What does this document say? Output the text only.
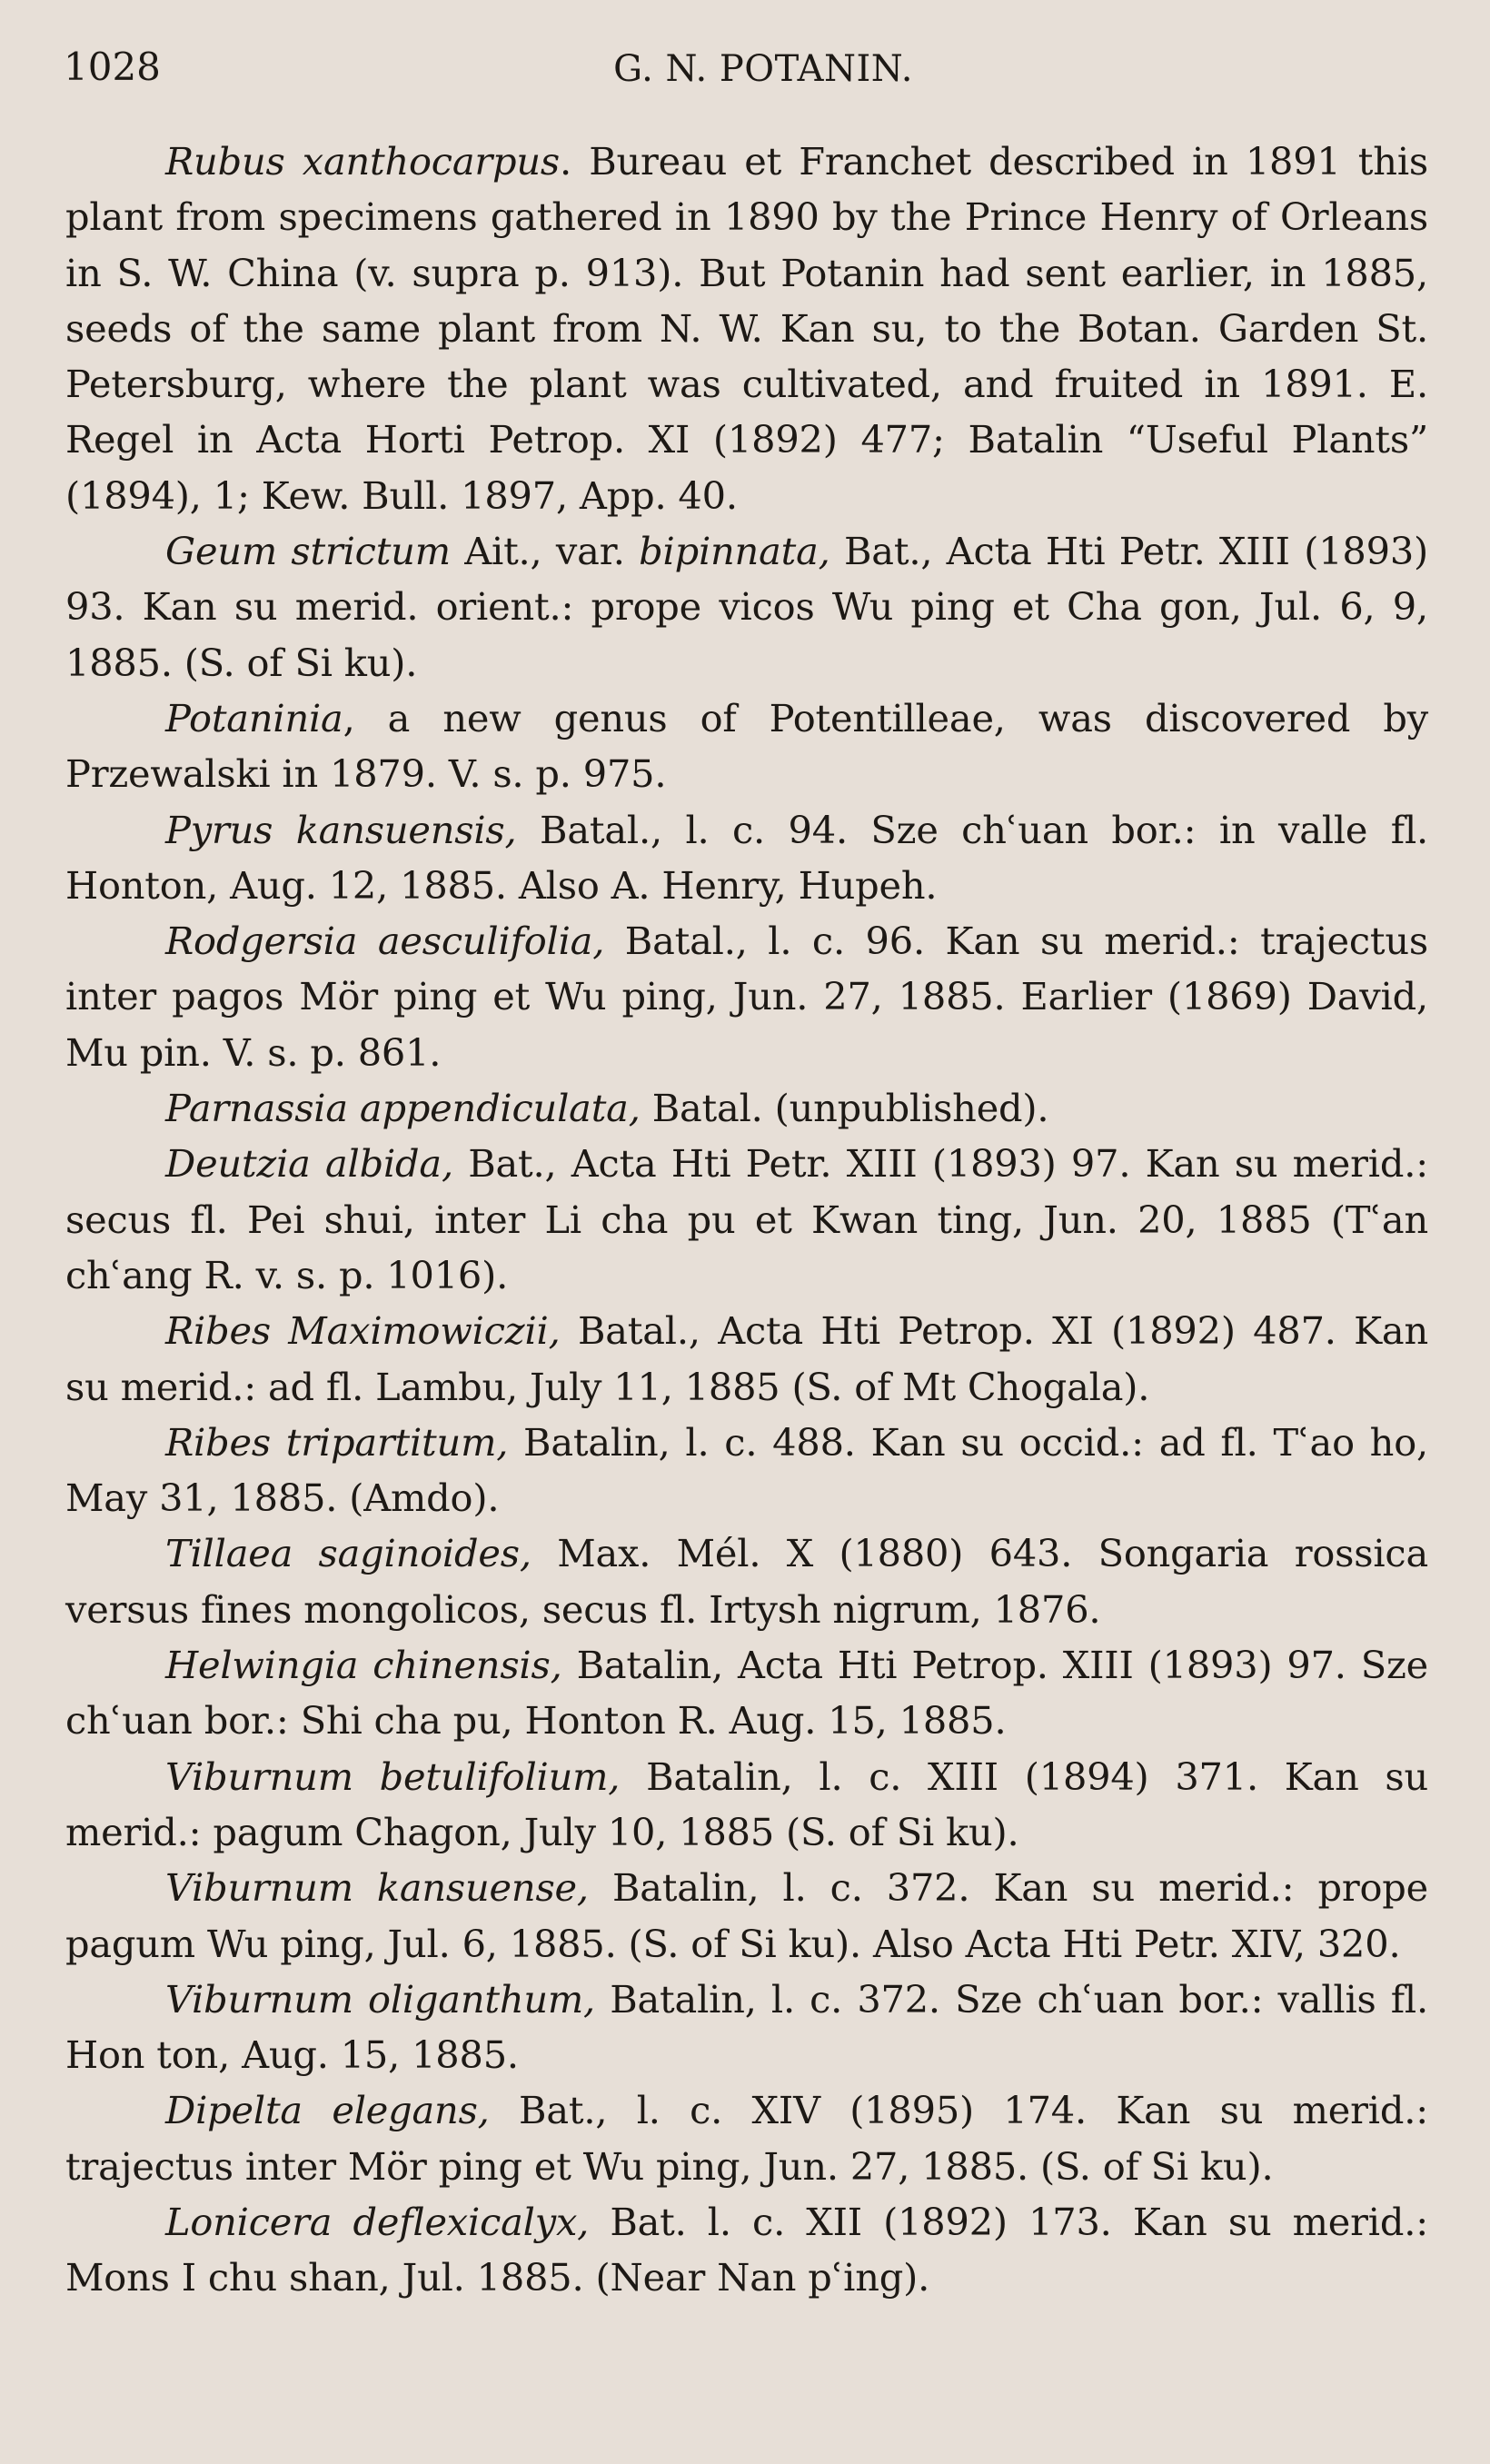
1028	G. N. POTANIN.

Rubus xanthocarpus. Bureau et Franchet described in 1891 this plant from specimens gathered in 1890 by the Prince Henry of Orleans in S. W. China (v. supra p. 913). But Potanin had sent earlier, in 1885, seeds of the same plant from N. W. Kan su, to the Botan. Garden St. Petersburg, where the plant was cultivated, and fruited in 1891. E. Regel in Acta Horti Petrop. XI (1892) 477; Batalin “Useful Plants” (1894), 1; Kew. Bull. 1897, App. 40.

Geum strictum Ait., var. bipinnata, Bat., Acta Hti Petr. XIII (1893) 93. Kan su merid. orient.: prope vicos Wu ping et Cha gon, Jul. 6, 9, 1885. (S. of Si ku).

Potaninia, a new genus of Potentilleae, was discovered by Przewalski in 1879. V. s. p. 975.

Pyrus kansuensis, Batal., l. c. 94. Sze chʿuan bor.: in valle fl. Honton, Aug. 12, 1885. Also A. Henry, Hupeh.

Rodgersia aesculifolia, Batal., l. c. 96. Kan su merid.: trajectus inter pagos Mör ping et Wu ping, Jun. 27, 1885. Earlier (1869) David, Mu pin. V. s. p. 861.

Parnassia appendiculata, Batal. (unpublished).

Deutzia albida, Bat., Acta Hti Petr. XIII (1893) 97. Kan su merid.: secus fl. Pei shui, inter Li cha pu et Kwan ting, Jun. 20, 1885 (Tʿan chʿang R. v. s. p. 1016).

Ribes Maximowiczii, Batal., Acta Hti Petrop. XI (1892) 487. Kan su merid.: ad fl. Lambu, July 11, 1885 (S. of Mt Chogala).

Ribes tripartitum, Batalin, l. c. 488. Kan su occid.: ad fl. Tʿao ho, May 31, 1885. (Amdo).

Tillaea saginoides, Max. Mél. X (1880) 643. Songaria rossica versus fines mongolicos, secus fl. Irtysh nigrum, 1876.

Helwingia chinensis, Batalin, Acta Hti Petrop. XIII (1893) 97. Sze chʿuan bor.: Shi cha pu, Honton R. Aug. 15, 1885.

Viburnum betulifolium, Batalin, l. c. XIII (1894) 371. Kan su merid.: pagum Chagon, July 10, 1885 (S. of Si ku).

Viburnum kansuense, Batalin, l. c. 372. Kan su merid.: prope pagum Wu ping, Jul. 6, 1885. (S. of Si ku). Also Acta Hti Petr. XIV, 320.

Viburnum oliganthum, Batalin, l. c. 372. Sze chʿuan bor.: vallis fl. Hon ton, Aug. 15, 1885.

Dipelta elegans, Bat., l. c. XIV (1895) 174. Kan su merid.: trajectus inter Mör ping et Wu ping, Jun. 27, 1885. (S. of Si ku).

Lonicera deflexicalyx, Bat. l. c. XII (1892) 173. Kan su merid.: Mons I chu shan, Jul. 1885. (Near Nan pʿing).
